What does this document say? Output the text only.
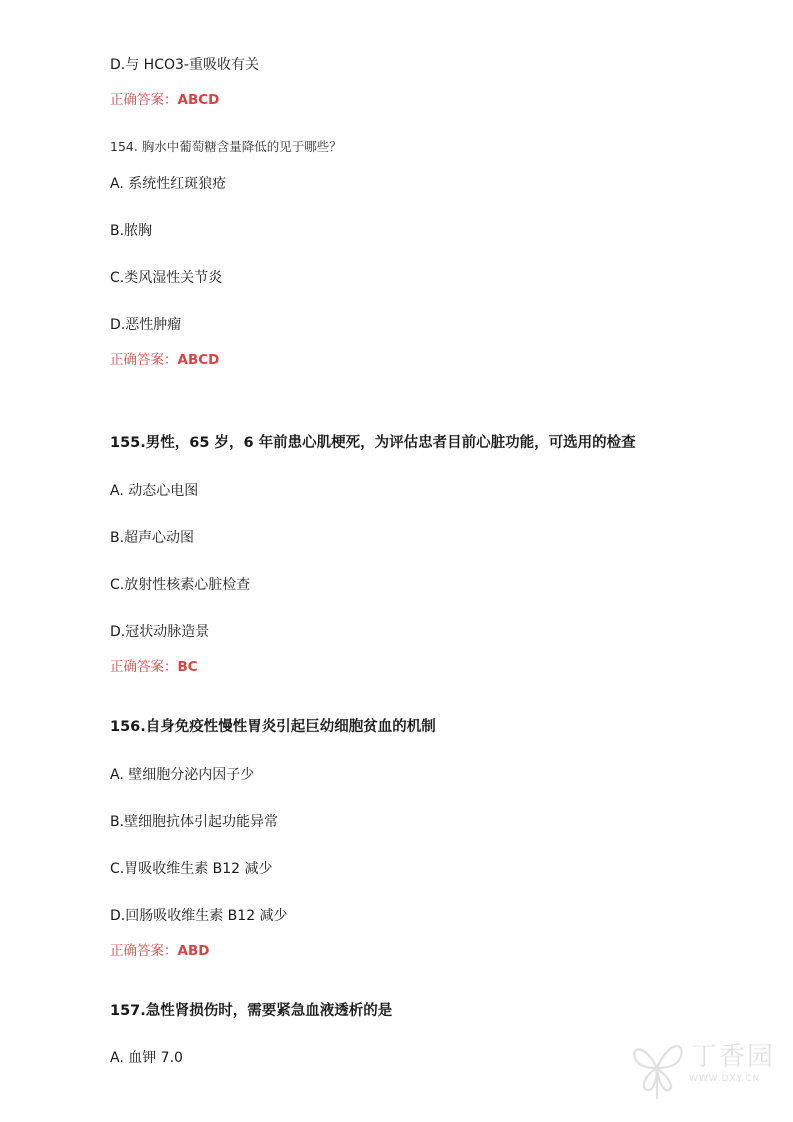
D.与 HCO3-重吸收有关
正确答案：ABCD
154. 胸水中葡萄糖含量降低的见于哪些？
A. 系统性红斑狼疮
B.脓胸
C.类风湿性关节炎
D.恶性肿瘤
正确答案：ABCD
155.男性，65 岁，6 年前患心肌梗死，为评估忠者目前心脏功能，可选用的检查
A. 动态心电图
B.超声心动图
C.放射性核素心脏检查
D.冠状动脉造景
正确答案：BC
156.自身免疫性慢性胃炎引起巨幼细胞贫血的机制
A. 壁细胞分泌内因子少
B.壁细胞抗体引起功能异常
C.胃吸收维生素 B12 减少
D.回肠吸收维生素 B12 减少
正确答案：ABD
157.急性肾损伤时，需要紧急血液透析的是
A. 血钾 7.0	丁香园
WWW.DXY.CN
